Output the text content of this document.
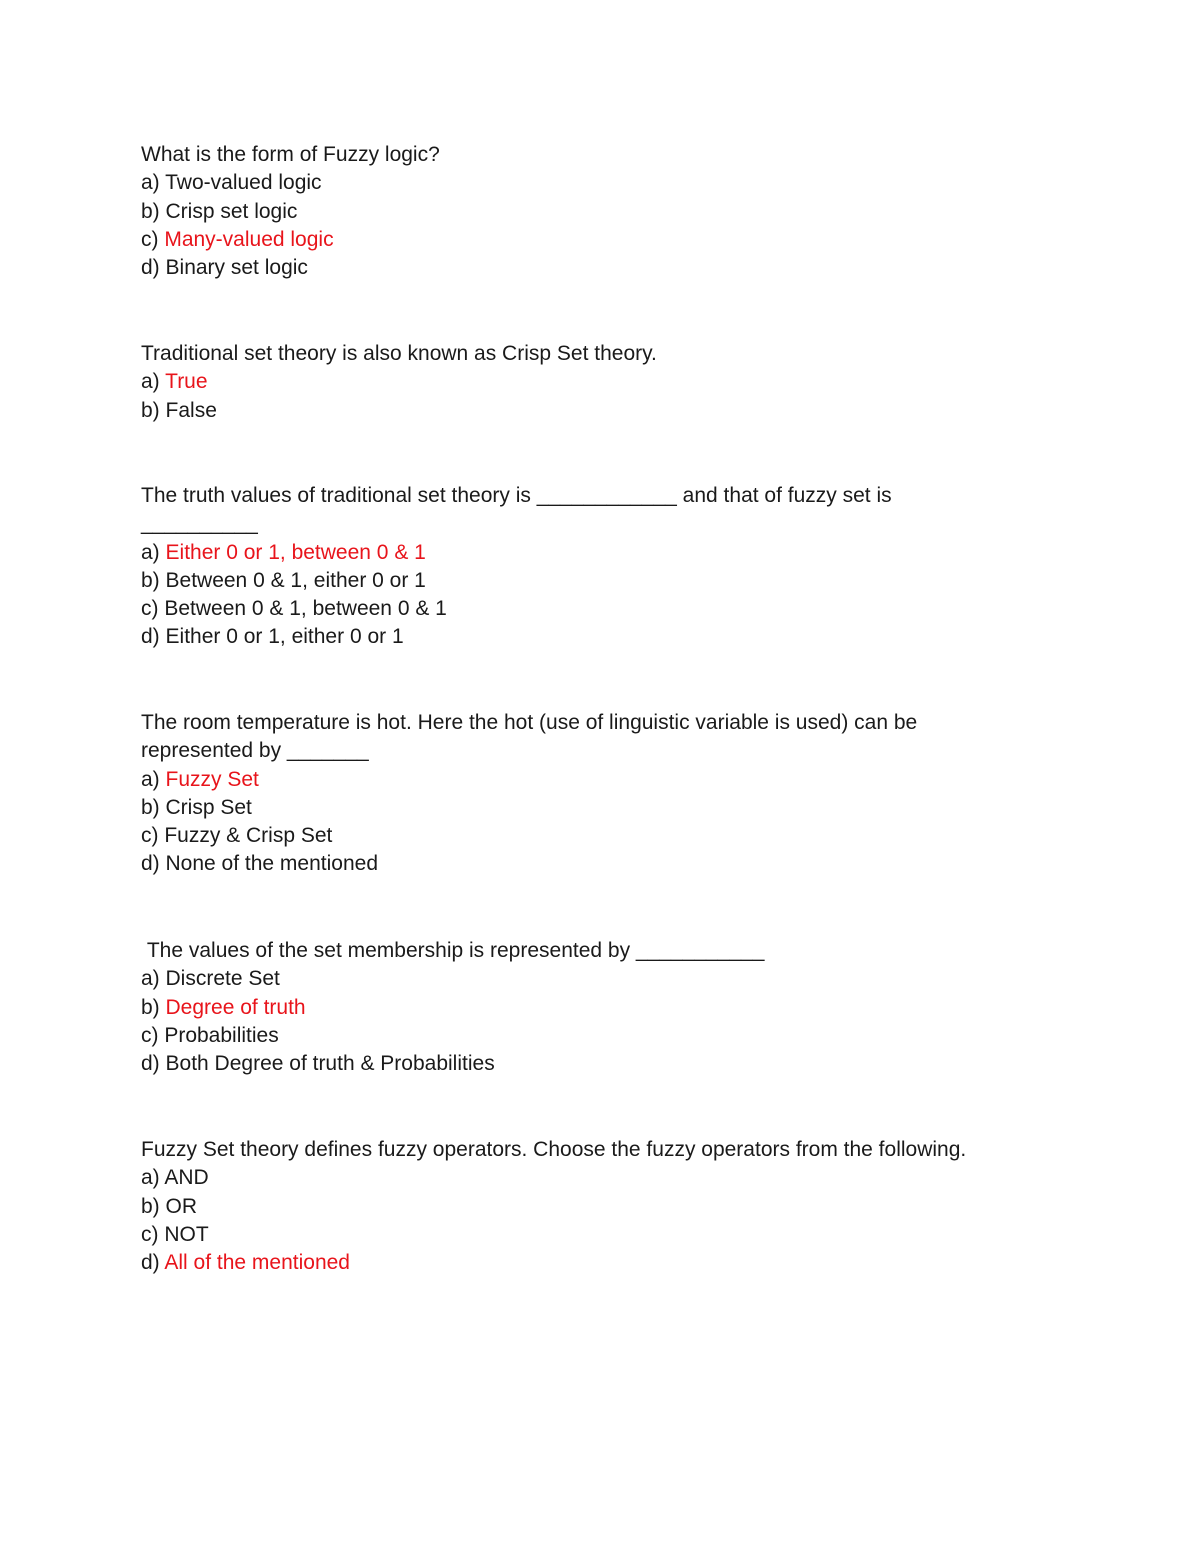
What is the form of Fuzzy logic?
a) Two-valued logic
b) Crisp set logic
c) Many-valued logic
d) Binary set logic
Traditional set theory is also known as Crisp Set theory.
a) True
b) False
The truth values of traditional set theory is ____________ and that of fuzzy set is __________
a) Either 0 or 1, between 0 & 1
b) Between 0 & 1, either 0 or 1
c) Between 0 & 1, between 0 & 1
d) Either 0 or 1, either 0 or 1
The room temperature is hot. Here the hot (use of linguistic variable is used) can be represented by _______
a) Fuzzy Set
b) Crisp Set
c) Fuzzy & Crisp Set
d) None of the mentioned
The values of the set membership is represented by ___________
a) Discrete Set
b) Degree of truth
c) Probabilities
d) Both Degree of truth & Probabilities
Fuzzy Set theory defines fuzzy operators. Choose the fuzzy operators from the following.
a) AND
b) OR
c) NOT
d) All of the mentioned
